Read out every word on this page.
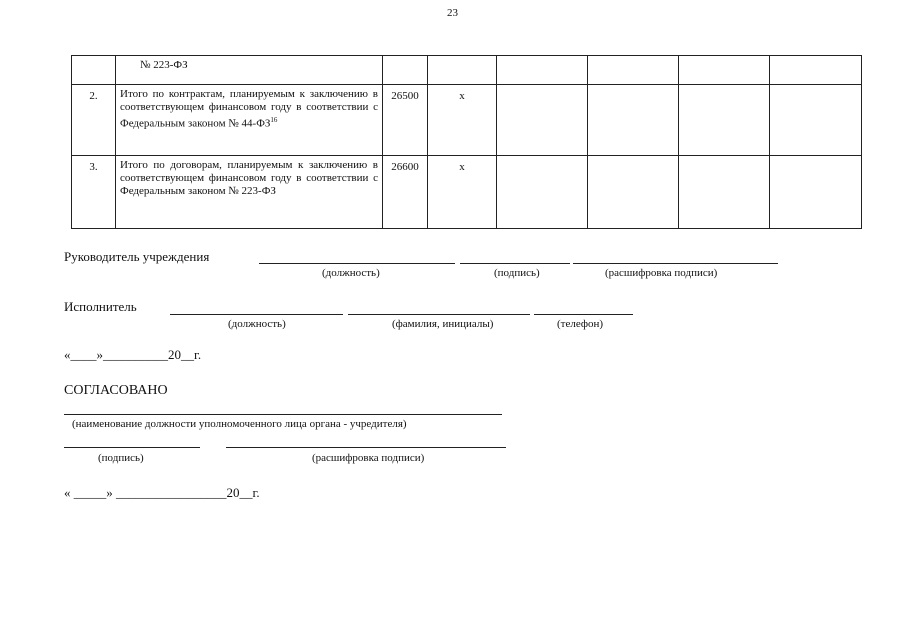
23
	№ 223-ФЗ						
2.	Итого по контрактам, планируемым к заключению в соответствующем финансовом году в соответствии с Федеральным законом № 44-ФЗ$^{16}$	26500	х				
3.	Итого по договорам, планируемым к заключению в соответствующем финансовом году в соответствии с Федеральным законом № 223-ФЗ	26600	х				
Руководитель учреждения
(должность)	(подпись)	(расшифровка подписи)
Исполнитель
(должность)	(фамилия, инициалы)	(телефон)
«____»__________20__г.
СОГЛАСОВАНО
(наименование должности уполномоченного лица органа - учредителя)
(подпись)	(расшифровка подписи)
« _____» _________________20__г.
